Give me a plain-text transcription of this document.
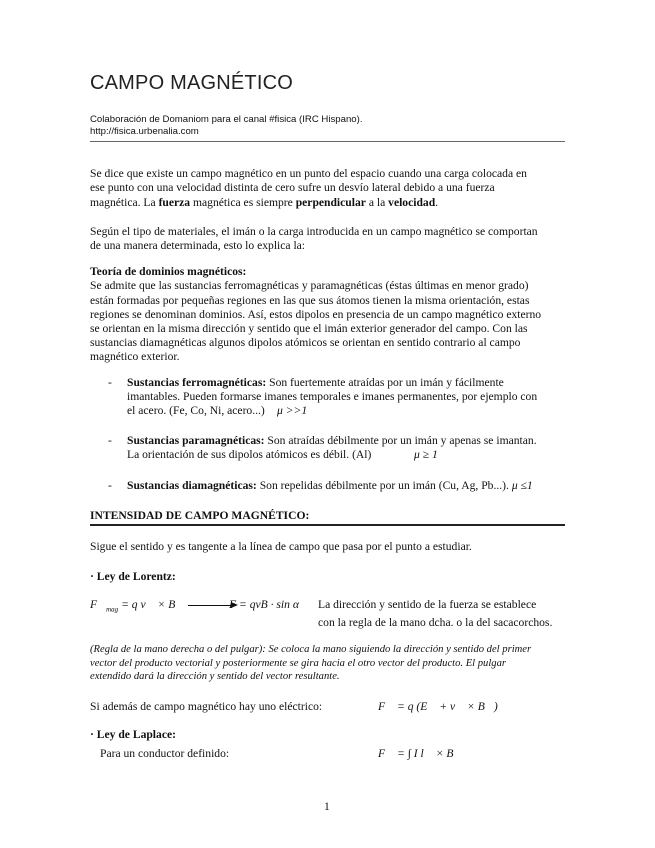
CAMPO MAGNÉTICO
Colaboración de Domaniom para el canal #fisica (IRC Hispano).
http://fisica.urbenalia.com
Se dice que existe un campo magnético en un punto del espacio cuando una carga colocada en
ese punto con una velocidad distinta de cero sufre un desvío lateral debido a una fuerza
magnética. La fuerza magnética es siempre perpendicular a la velocidad.
Según el tipo de materiales, el imán o la carga introducida en un campo magnético se comportan
de una manera determinada, esto lo explica la:
Teoría de dominios magnéticos:
Se admite que las sustancias ferromagnéticas y paramagnéticas (éstas últimas en menor grado)
están formadas por pequeñas regiones en las que sus átomos tienen la misma orientación, estas
regiones se denominan dominios. Así, estos dipolos en presencia de un campo magnético externo
se orientan en la misma dirección y sentido que el imán exterior generador del campo. Con las
sustancias diamagnéticas algunos dipolos atómicos se orientan en sentido contrario al campo
magnético exterior.
- Sustancias ferromagnéticas: Son fuertemente atraídas por un imán y fácilmente
imantables. Pueden formarse imanes temporales e imanes permanentes, por ejemplo con
el acero. (Fe, Co, Ni, acero...) μ >>1
- Sustancias paramagnéticas: Son atraídas débilmente por un imán y apenas se imantan.
La orientación de sus dipolos atómicos es débil. (Al)	μ ≥ 1
- Sustancias diamagnéticas: Son repelidas débilmente por un imán (Cu, Ag, Pb...). μ ≤1
INTENSIDAD DE CAMPO MAGNÉTICO:
Sigue el sentido y es tangente a la línea de campo que pasa por el punto a estudiar.
· Ley de Lorentz:
$F⃗_{mag} = q$ v⃗ × B⃗	F = qvB · sin α La dirección y sentido de la fuerza se establece
con la regla de la mano dcha. o la del sacacorchos.
(Regla de la mano derecha o del pulgar): Se coloca la mano siguiendo la dirección y sentido del primer
vector del producto vectorial y posteriormente se gira hacia el otro vector del producto. El pulgar
extendido dará la dirección y sentido del vector resultante.
Si además de campo magnético hay uno eléctrico:	F⃗ = q (E⃗ + v⃗ × B⃗)
· Ley de Laplace:
Para un conductor definido:	F⃗ = ∫ I l⃗ × B⃗
1
